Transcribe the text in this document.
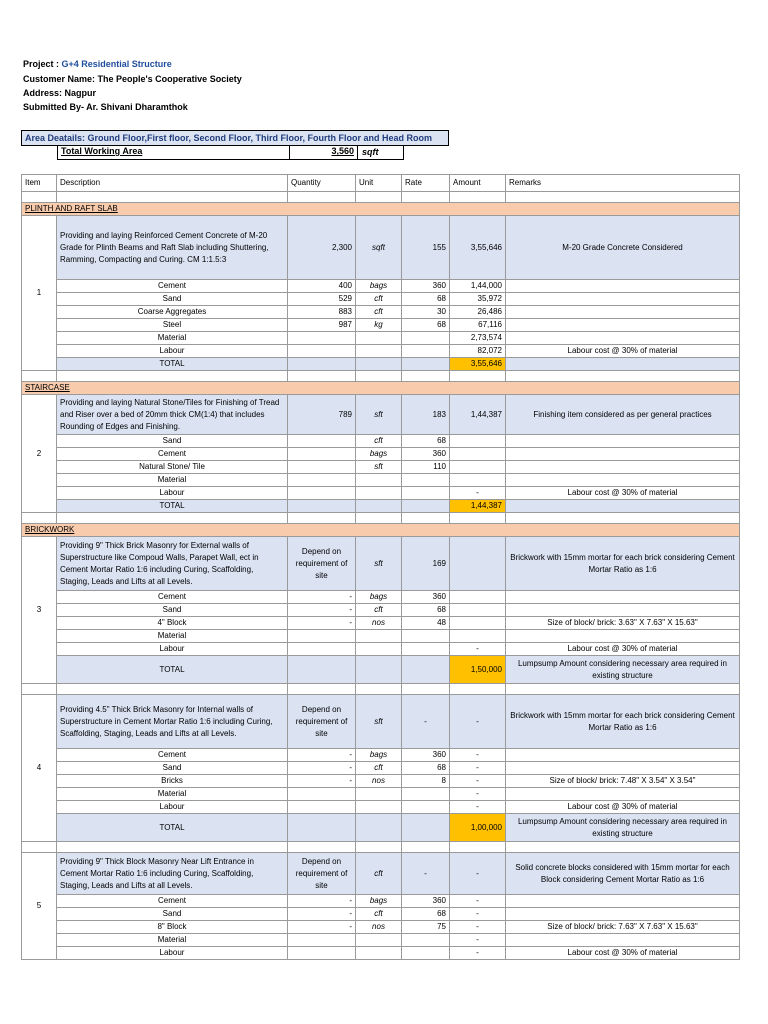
Project : G+4 Residential Structure
Customer Name: The People's Cooperative Society
Address: Nagpur
Submitted By- Ar. Shivani Dharamthok
Area Deatails: Ground Floor,First floor, Second Floor, Third Floor, Fourth Floor and Head Room
Total Working Area	3,560 sqft
Item	Description	Quantity	Unit	Rate	Amount	Remarks

PLINTH AND RAFT SLAB						
1	Providing and laying Reinforced Cement Concrete of M-20 Grade for Plinth Beams and Raft Slab including Shuttering, Ramming, Compacting and Curing. CM 1:1.5:3	2,300	sqft	155	3,55,646	M-20 Grade Concrete Considered
	Cement	400	bags	360	1,44,000	
	Sand	529	cft	68	35,972	
	Coarse Aggregates	883	cft	30	26,486	
	Steel	987	kg	68	67,116	
	Material				2,73,574	
	Labour				82,072	Labour cost @ 30% of material
	TOTAL				3,55,646	

STAIRCASE						
2	Providing and laying Natural Stone/Tiles for Finishing of Tread and Riser over a bed of 20mm thick CM(1:4) that includes Rounding of Edges and Finishing.	789	sft	183	1,44,387	Finishing item considered as per general practices
	Sand		cft	68		
	Cement		bags	360		
	Natural Stone/ Tile		sft	110		
	Material					
	Labour				-	Labour cost @ 30% of material
	TOTAL				1,44,387	

BRICKWORK						
3	Providing 9" Thick Brick Masonry for External walls of Superstructure like Compoud Walls, Parapet Wall, ect in Cement Mortar Ratio 1:6 including Curing, Scaffolding, Staging, Leads and Lifts at all Levels.	Depend on requirement of site	sft	169		Brickwork with 15mm mortar for each brick considering Cement Mortar Ratio as 1:6
	Cement	-	bags	360		
	Sand	-	cft	68		
	4" Block	-	nos	48		Size of block/ brick: 3.63" X 7.63" X 15.63"
	Material					
	Labour				-	Labour cost @ 30% of material
	TOTAL				1,50,000	Lumpsump Amount considering necessary area required in existing structure

4	Providing 4.5" Thick Brick Masonry for Internal walls of Superstructure in Cement Mortar Ratio 1:6 including Curing, Scaffolding, Staging, Leads and Lifts at all Levels.	Depend on requirement of site	sft	-	-	Brickwork with 15mm mortar for each brick considering Cement Mortar Ratio as 1:6
	Cement	-	bags	360	-	
	Sand	-	cft	68	-	
	Bricks	-	nos	8	-	Size of block/ brick: 7.48" X 3.54" X 3.54"
	Material				-	
	Labour				-	Labour cost @ 30% of material
	TOTAL				1,00,000	Lumpsump Amount considering necessary area required in existing structure

5	Providing 9" Thick Block Masonry Near Lift Entrance in Cement Mortar Ratio 1:6 including Curing, Scaffolding, Staging, Leads and Lifts at all Levels.	Depend on requirement of site	cft	-	-	Solid concrete blocks considered with 15mm mortar for each Block considering Cement Mortar Ratio as 1:6
	Cement	-	bags	360	-	
	Sand	-	cft	68	-	
	8" Block	-	nos	75	-	Size of block/ brick: 7.63" X 7.63" X 15.63"
	Material				-	
	Labour				-	Labour cost @ 30% of material
